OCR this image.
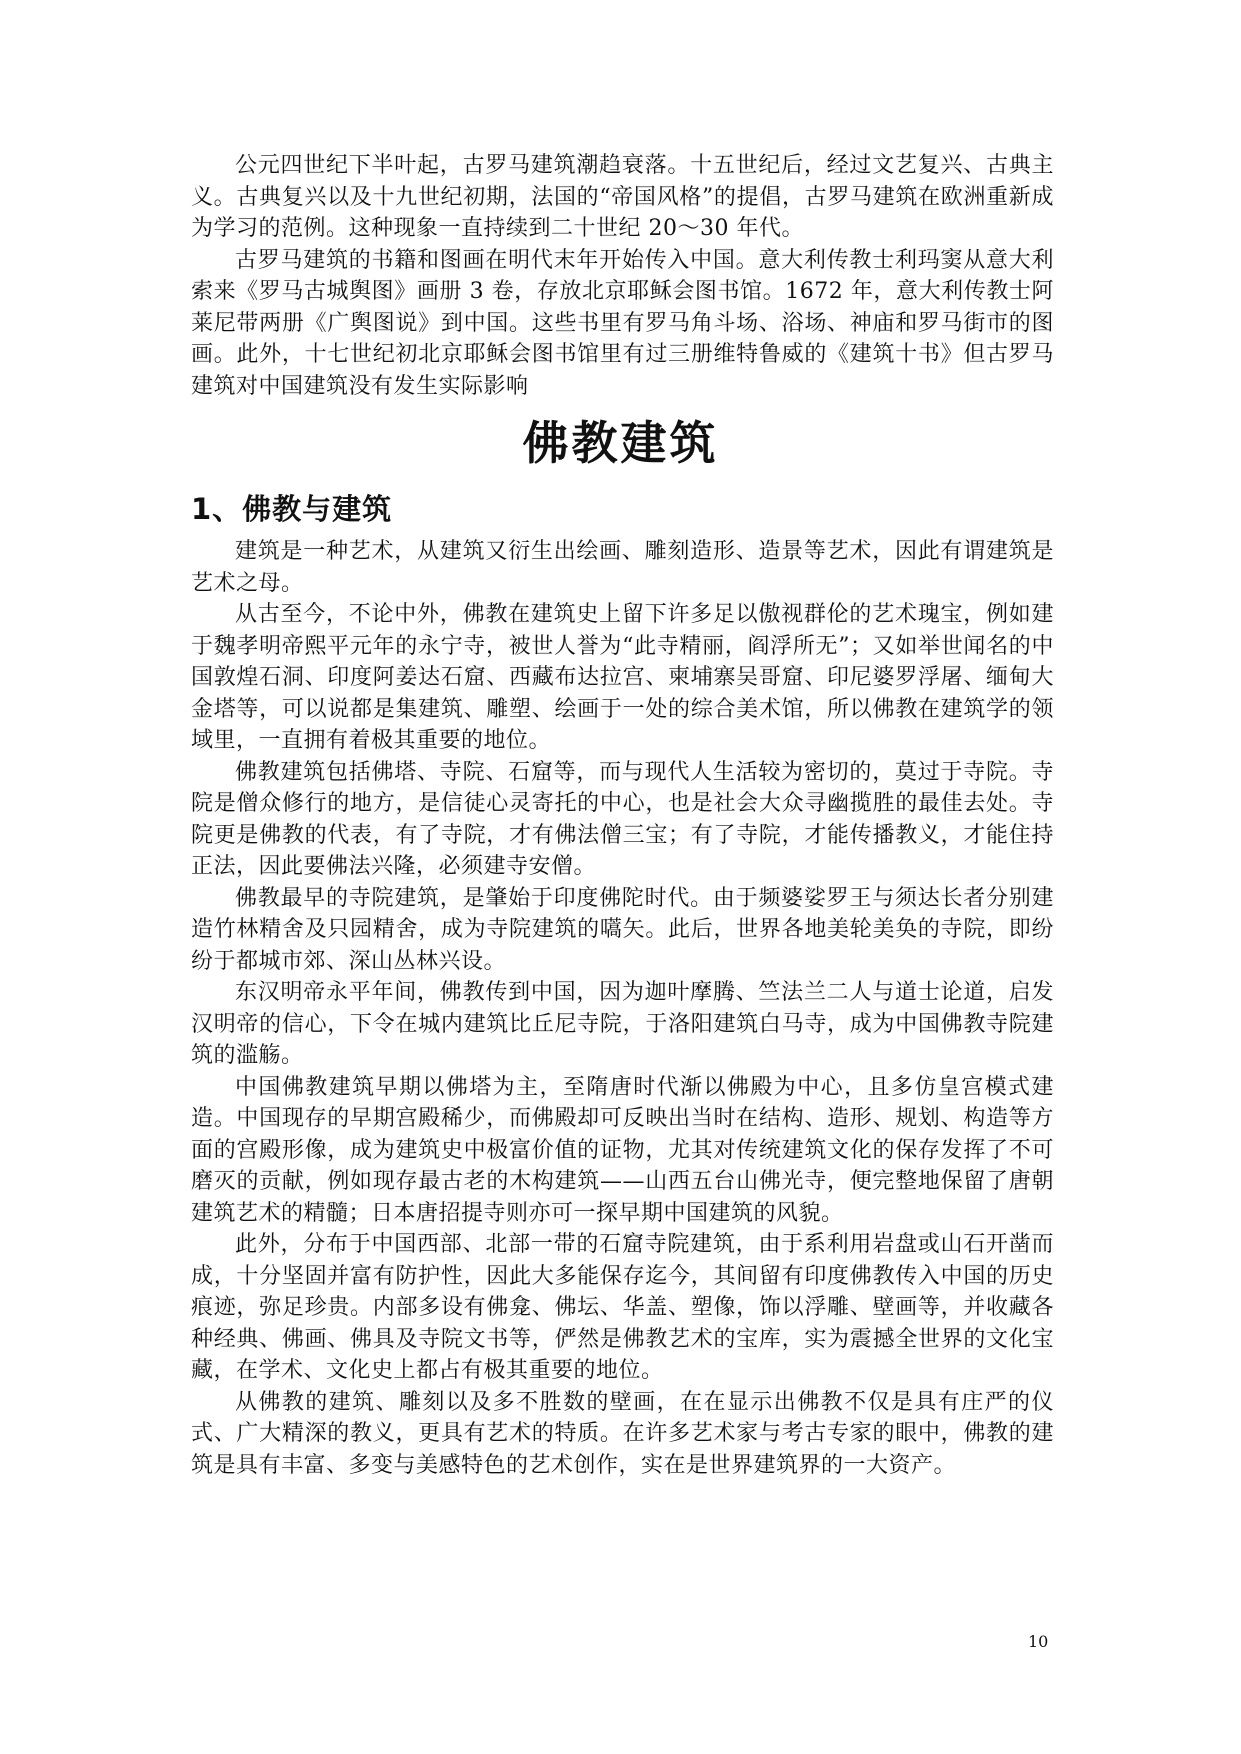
公元四世纪下半叶起，古罗马建筑潮趋衰落。十五世纪后，经过文艺复兴、古典主义。古典复兴以及十九世纪初期，法国的“帝国风格”的提倡，古罗马建筑在欧洲重新成为学习的范例。这种现象一直持续到二十世纪 20～30 年代。

古罗马建筑的书籍和图画在明代末年开始传入中国。意大利传教士利玛窦从意大利索来《罗马古城舆图》画册 3 卷，存放北京耶稣会图书馆。1672 年，意大利传教士阿莱尼带两册《广舆图说》到中国。这些书里有罗马角斗场、浴场、神庙和罗马街市的图画。此外，十七世纪初北京耶稣会图书馆里有过三册维特鲁威的《建筑十书》但古罗马建筑对中国建筑没有发生实际影响

佛教建筑
1、佛教与建筑

建筑是一种艺术，从建筑又衍生出绘画、雕刻造形、造景等艺术，因此有谓建筑是艺术之母。

从古至今，不论中外，佛教在建筑史上留下许多足以傲视群伦的艺术瑰宝，例如建于魏孝明帝熙平元年的永宁寺，被世人誉为“此寺精丽，阎浮所无”；又如举世闻名的中国敦煌石洞、印度阿姜达石窟、西藏布达拉宫、柬埔寨吴哥窟、印尼婆罗浮屠、缅甸大金塔等，可以说都是集建筑、雕塑、绘画于一处的综合美术馆，所以佛教在建筑学的领域里，一直拥有着极其重要的地位。

佛教建筑包括佛塔、寺院、石窟等，而与现代人生活较为密切的，莫过于寺院。寺院是僧众修行的地方，是信徒心灵寄托的中心，也是社会大众寻幽揽胜的最佳去处。寺院更是佛教的代表，有了寺院，才有佛法僧三宝；有了寺院，才能传播教义，才能住持正法，因此要佛法兴隆，必须建寺安僧。

佛教最早的寺院建筑，是肇始于印度佛陀时代。由于频婆娑罗王与须达长者分别建造竹林精舍及只园精舍，成为寺院建筑的嚆矢。此后，世界各地美轮美奂的寺院，即纷纷于都城市郊、深山丛林兴设。

东汉明帝永平年间，佛教传到中国，因为迦叶摩腾、竺法兰二人与道士论道，启发汉明帝的信心，下令在城内建筑比丘尼寺院，于洛阳建筑白马寺，成为中国佛教寺院建筑的滥觞。

中国佛教建筑早期以佛塔为主，至隋唐时代渐以佛殿为中心，且多仿皇宫模式建造。中国现存的早期宫殿稀少，而佛殿却可反映出当时在结构、造形、规划、构造等方面的宫殿形像，成为建筑史中极富价值的证物，尤其对传统建筑文化的保存发挥了不可磨灭的贡献，例如现存最古老的木构建筑——山西五台山佛光寺，便完整地保留了唐朝建筑艺术的精髓；日本唐招提寺则亦可一探早期中国建筑的风貌。

此外，分布于中国西部、北部一带的石窟寺院建筑，由于系利用岩盘或山石开凿而成，十分坚固并富有防护性，因此大多能保存迄今，其间留有印度佛教传入中国的历史痕迹，弥足珍贵。内部多设有佛龛、佛坛、华盖、塑像，饰以浮雕、壁画等，并收藏各种经典、佛画、佛具及寺院文书等，俨然是佛教艺术的宝库，实为震撼全世界的文化宝藏，在学术、文化史上都占有极其重要的地位。

从佛教的建筑、雕刻以及多不胜数的壁画，在在显示出佛教不仅是具有庄严的仪式、广大精深的教义，更具有艺术的特质。在许多艺术家与考古专家的眼中，佛教的建筑是具有丰富、多变与美感特色的艺术创作，实在是世界建筑界的一大资产。

10
